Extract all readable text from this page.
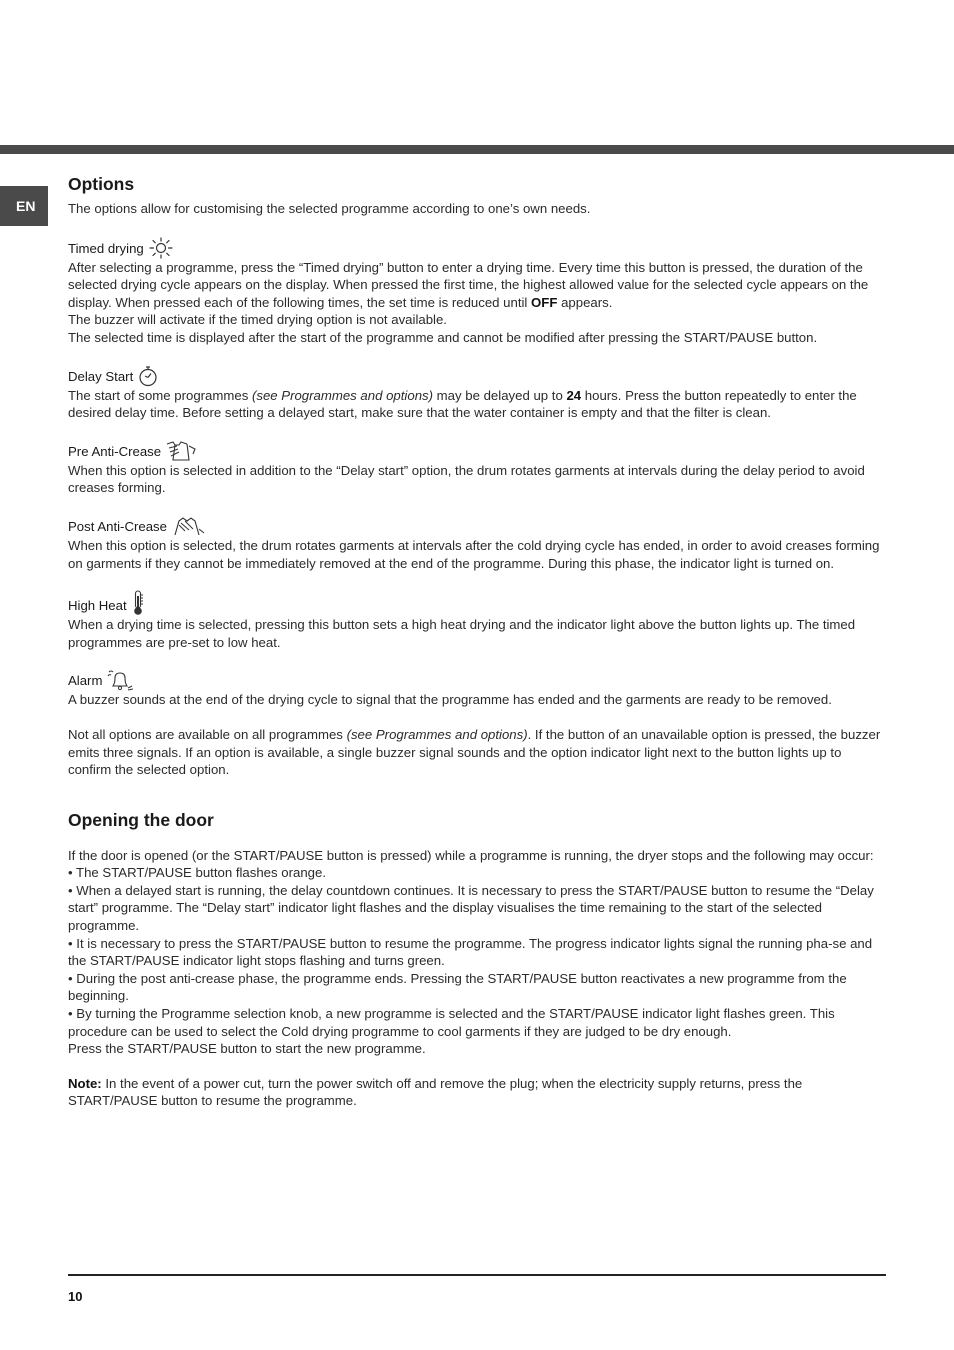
EN
Options

The options allow for customising the selected programme according to one’s own needs.

Timed drying

After selecting a programme, press the “Timed drying” button to enter a drying time. Every time this button is pressed, the duration of the selected drying cycle appears on the display. When pressed the first time, the highest allowed value for the selected cycle appears on the display. When pressed each of the following times, the set time is reduced until OFF appears.

The buzzer will activate if the timed drying option is not available.

The selected time is displayed after the start of the programme and cannot be modified after pressing the START/PAUSE button.

Delay Start

The start of some programmes (see Programmes and options) may be delayed up to 24 hours. Press the button repeatedly to enter the desired delay time. Before setting a delayed start, make sure that the water container is empty and that the filter is clean.

Pre Anti-Crease

When this option is selected in addition to the “Delay start” option, the drum rotates garments at intervals during the delay period to avoid creases forming.

Post Anti-Crease

When this option is selected, the drum rotates garments at intervals after the cold drying cycle has ended, in order to avoid creases forming on garments if they cannot be immediately removed at the end of the programme. During this phase, the indicator light is turned on.

High Heat

When a drying time is selected, pressing this button sets a high heat drying and the indicator light above the button lights up. The timed programmes are pre-set to low heat.

Alarm

A buzzer sounds at the end of the drying cycle to signal that the programme has ended and the garments are ready to be removed.

Not all options are available on all programmes (see Programmes and options). If the button of an unavailable option is pressed, the buzzer emits three signals. If an option is available, a single buzzer signal sounds and the option indicator light next to the button lights up to confirm the selected option.

Opening the door

If the door is opened (or the START/PAUSE button is pressed) while a programme is running, the dryer stops and the following may occur:

• The START/PAUSE button flashes orange.

• When a delayed start is running, the delay countdown continues. It is necessary to press the START/PAUSE button to resume the “Delay start” programme. The “Delay start” indicator light flashes and the display visualises the time remaining to the start of the selected programme.

• It is necessary to press the START/PAUSE button to resume the programme. The progress indicator lights signal the running pha-se and the START/PAUSE indicator light stops flashing and turns green.

• During the post anti-crease phase, the programme ends. Pressing the START/PAUSE button reactivates a new programme from the beginning.

• By turning the Programme selection knob, a new programme is selected and the START/PAUSE indicator light flashes green. This procedure can be used to select the Cold drying programme to cool garments if they are judged to be dry enough.

Press the START/PAUSE button to start the new programme.

Note: In the event of a power cut, turn the power switch off and remove the plug; when the electricity supply returns, press the START/PAUSE button to resume the programme.

10
